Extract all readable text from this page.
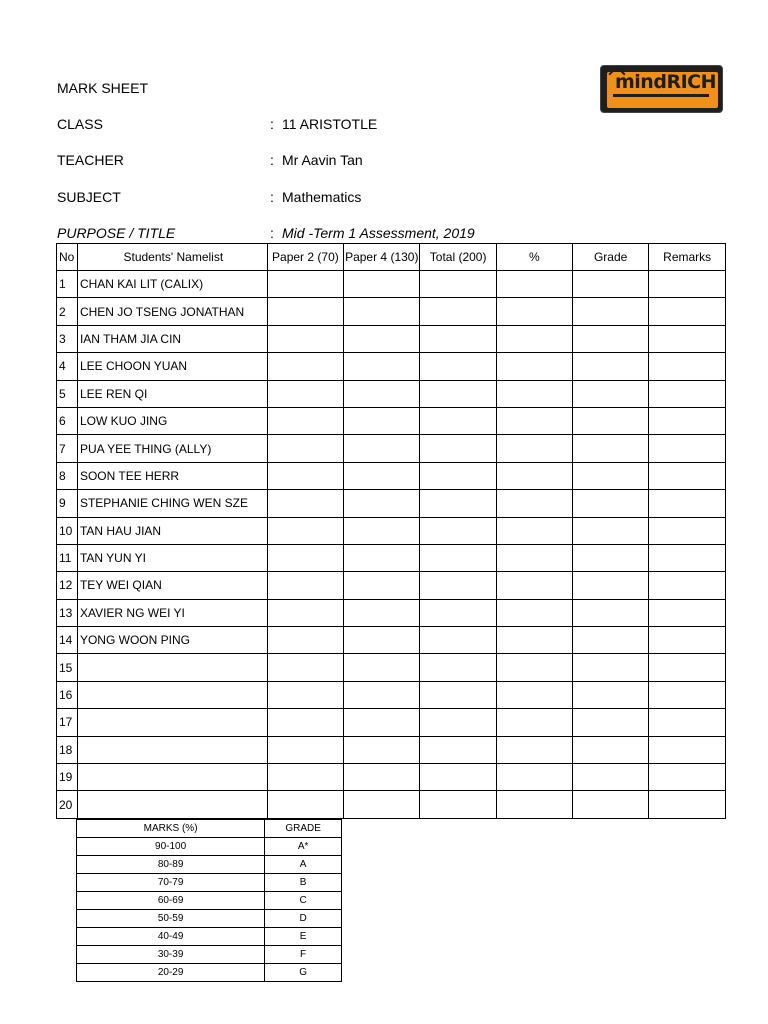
MARK SHEET
CLASS	: 11 ARISTOTLE
TEACHER	: Mr Aavin Tan
SUBJECT	: Mathematics
PURPOSE / TITLE	: Mid -Term 1 Assessment, 2019
mindRICH
No	Students' Namelist	Paper 2 (70)	Paper 4 (130)	Total (200)	%	Grade	Remarks
1	CHAN KAI LIT (CALIX)						
2	CHEN JO TSENG JONATHAN						
3	IAN THAM JIA CIN						
4	LEE CHOON YUAN						
5	LEE REN QI						
6	LOW KUO JING						
7	PUA YEE THING (ALLY)						
8	SOON TEE HERR						
9	STEPHANIE CHING WEN SZE						
10	TAN HAU JIAN						
11	TAN YUN YI						
12	TEY WEI QIAN						
13	XAVIER NG WEI YI						
14	YONG WOON PING						
15							
16							
17							
18							
19							
20							
MARKS (%)	GRADE
90-100	A*
80-89	A
70-79	B
60-69	C
50-59	D
40-49	E
30-39	F
20-29	G
